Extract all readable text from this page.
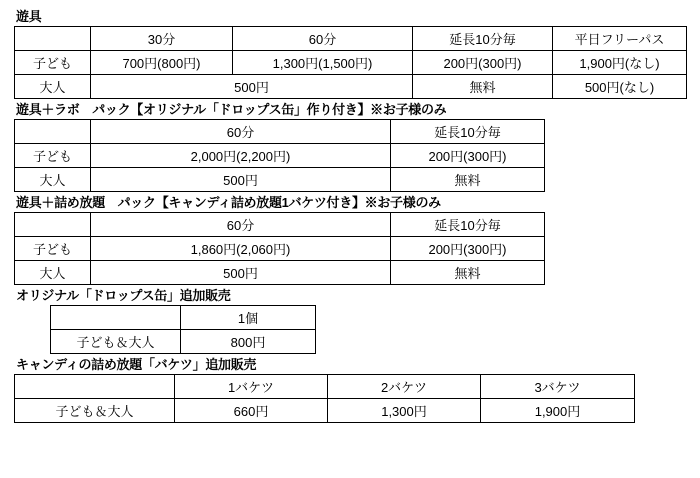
遊具
	30分	60分	延長10分毎	平日フリーパス
子ども	700円(800円)	1,300円(1,500円)	200円(300円)	1,900円(なし)
大人	500円		無料	500円(なし)
遊具＋ラボ　パック【オリジナル「ドロップス缶」作り付き】※お子様のみ
	60分	延長10分毎
子ども	2,000円(2,200円)	200円(300円)
大人	500円	無料
遊具＋詰め放題　パック【キャンディ詰め放題1バケツ付き】※お子様のみ
	60分	延長10分毎
子ども	1,860円(2,060円)	200円(300円)
大人	500円	無料
オリジナル「ドロップス缶」追加販売
	1個
子ども＆大人	800円
キャンディの詰め放題「バケツ」追加販売
	1バケツ	2バケツ	3バケツ
子ども＆大人	660円	1,300円	1,900円
